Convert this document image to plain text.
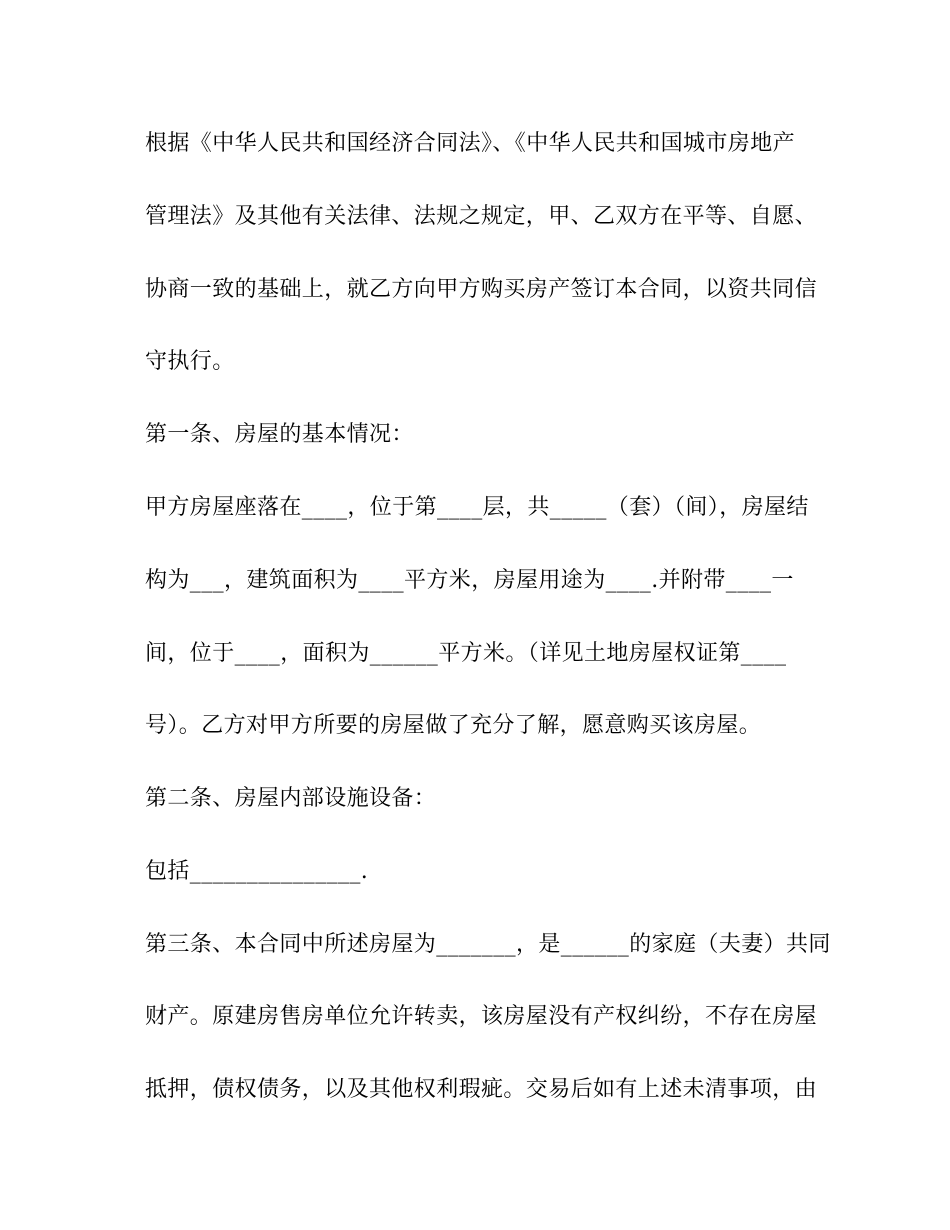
根据《中华人民共和国经济合同法》、《中华人民共和国城市房地产
管理法》及其他有关法律、法规之规定，甲、乙双方在平等、自愿、
协商一致的基础上，就乙方向甲方购买房产签订本合同，以资共同信
守执行。
第一条、房屋的基本情况：
甲方房屋座落在____，位于第____层，共_____（套）（间），房屋结
构为___，建筑面积为____平方米，房屋用途为____.并附带____一
间，位于____，面积为______平方米。（详见土地房屋权证第____
号）。乙方对甲方所要的房屋做了充分了解，愿意购买该房屋。
第二条、房屋内部设施设备：
包括_______________.
第三条、本合同中所述房屋为_______，是______的家庭（夫妻）共同
财产。原建房售房单位允许转卖，该房屋没有产权纠纷，不存在房屋
抵押，债权债务，以及其他权利瑕疵。交易后如有上述未清事项，由
